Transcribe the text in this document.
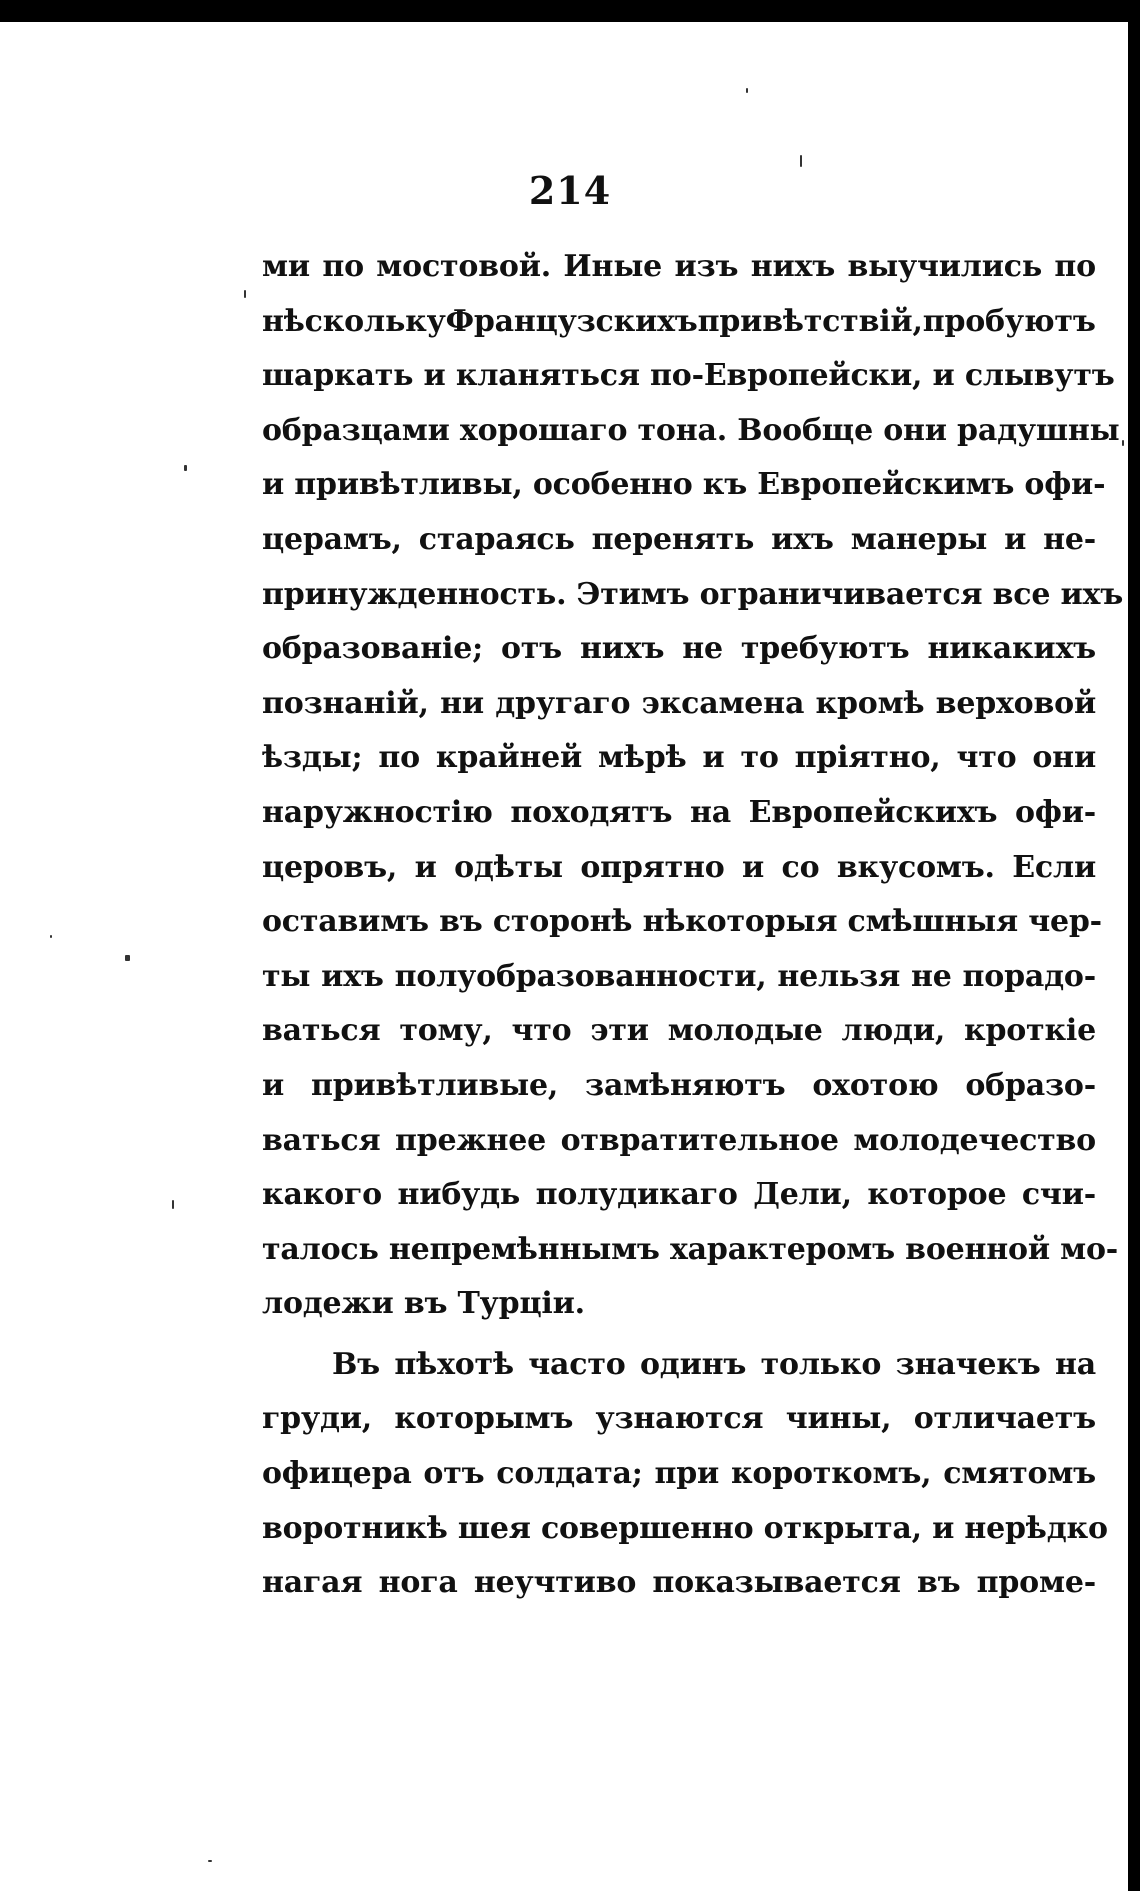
214
ми по мостовой. Иные изъ нихъ выучились по
нѣсколькуФранцузскихъпривѣтствій,пробуютъ
шаркать и кланяться по-Европейски, и слывутъ
образцами хорошаго тона. Вообще они радушны
и привѣтливы, особенно къ Европейскимъ офи-
церамъ, стараясь перенять ихъ манеры и не-
принужденность. Этимъ ограничивается все ихъ
образованіе; отъ нихъ не требуютъ никакихъ
познаній, ни другаго эксамена кромѣ верховой
ѣзды; по крайней мѣрѣ и то пріятно, что они
наружностію походятъ на Европейскихъ офи-
церовъ, и одѣты опрятно и со вкусомъ. Если
оставимъ въ сторонѣ нѣкоторыя смѣшныя чер-
ты ихъ полуобразованности, нельзя не порадо-
ваться тому, что эти молодые люди, кроткіе
и привѣтливые, замѣняютъ охотою образо-
ваться прежнее отвратительное молодечество
какого нибудь полудикаго Дели, которое счи-
талось непремѣннымъ характеромъ военной мо-
лодежи въ Турціи.
Въ пѣхотѣ часто одинъ только значекъ на
груди, которымъ узнаются чины, отличаетъ
офицера отъ солдата; при короткомъ, смятомъ
воротникѣ шея совершенно открыта, и нерѣдко
нагая нога неучтиво показывается въ проме-
